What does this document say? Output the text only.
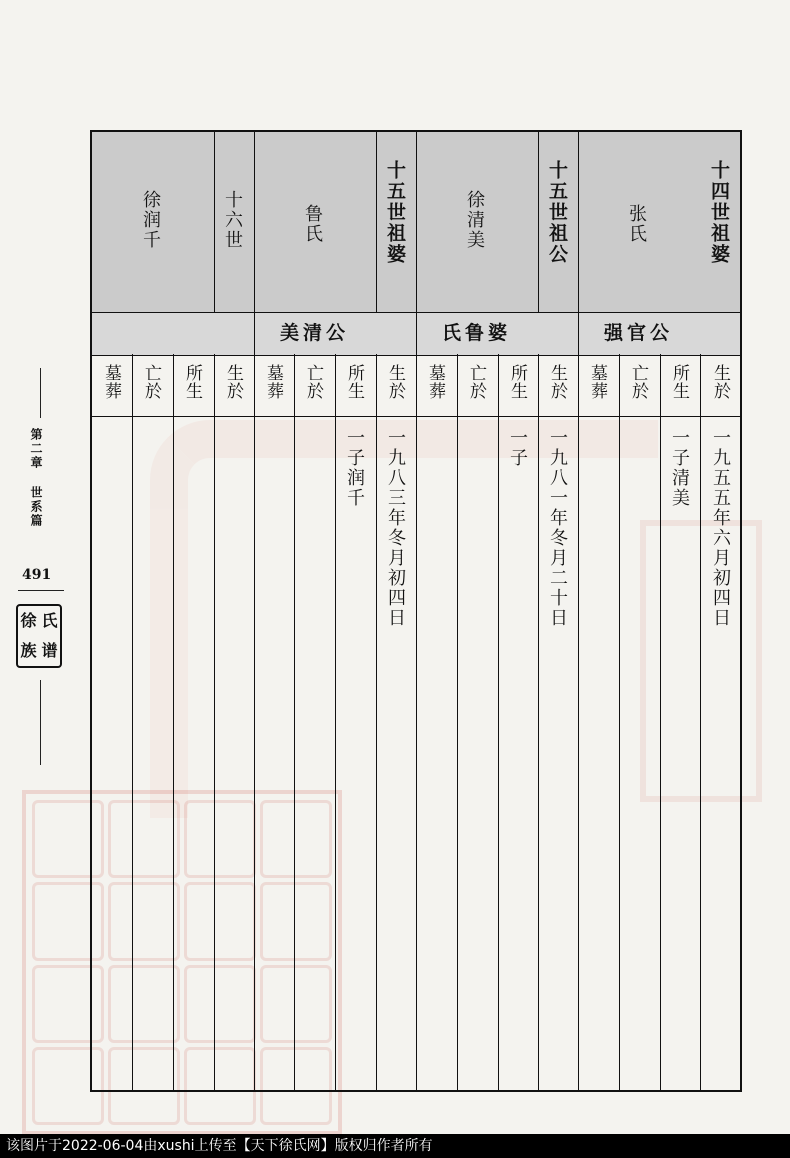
第二章 世系篇
491
徐 氏
族 谱
十四世祖婆
张氏
十五世祖公
徐清美
十五世祖婆
鲁氏
十六世
徐润千
强官公
氏鲁婆
美清公
生於
所生
亡於
墓葬
生於
所生
亡於
墓葬
生於
所生
亡於
墓葬
生於
所生
亡於
墓葬
一九五五年六月初四日
一子清美
一九八一年冬月二十日
一子
一九八三年冬月初四日
一子润千
该图片于2022-06-04由xushi上传至【天下徐氏网】版权归作者所有
